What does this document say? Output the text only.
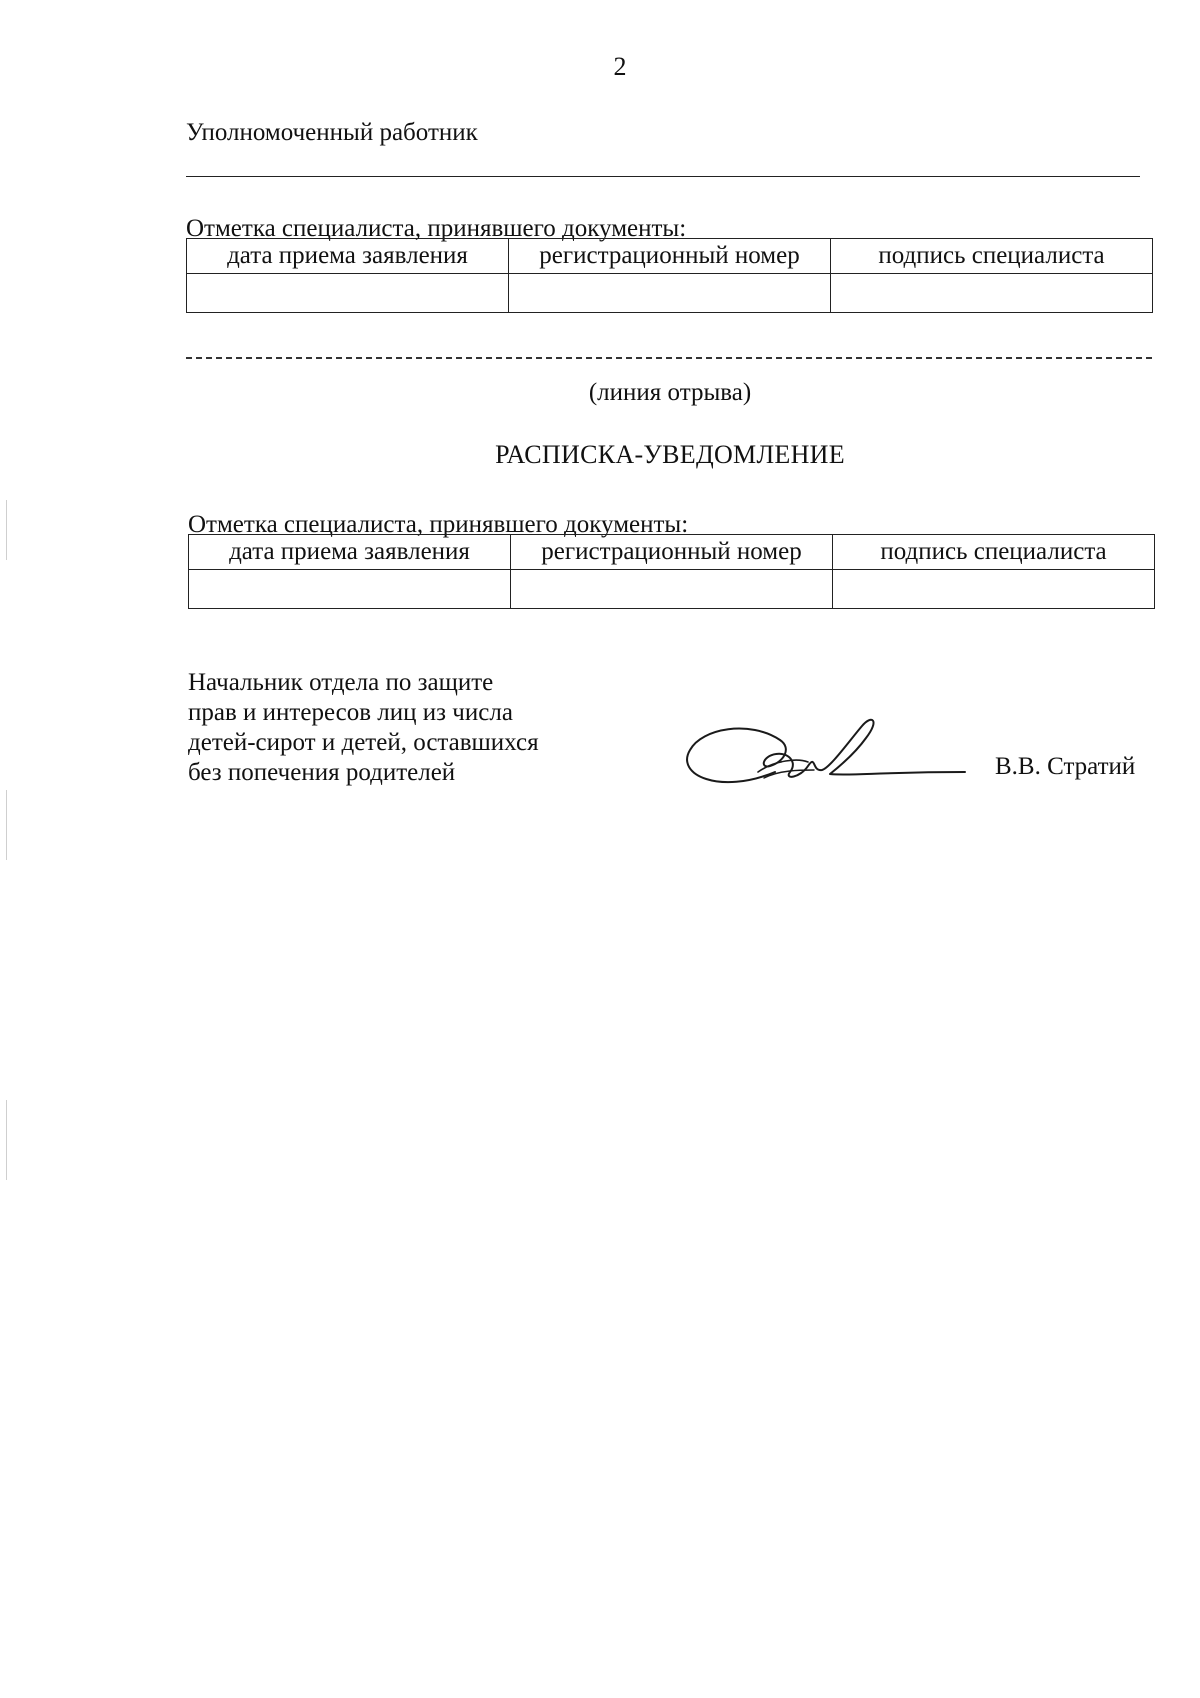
2
Уполномоченный работник
Отметка специалиста, принявшего документы:
дата приема заявления	регистрационный номер	подпись специалиста

(линия отрыва)
РАСПИСКА-УВЕДОМЛЕНИЕ
Отметка специалиста, принявшего документы:
дата приема заявления	регистрационный номер	подпись специалиста

Начальник отдела по защите
прав и интересов лиц из числа
детей-сирот и детей, оставшихся
без попечения родителей	В.В. Стратий
